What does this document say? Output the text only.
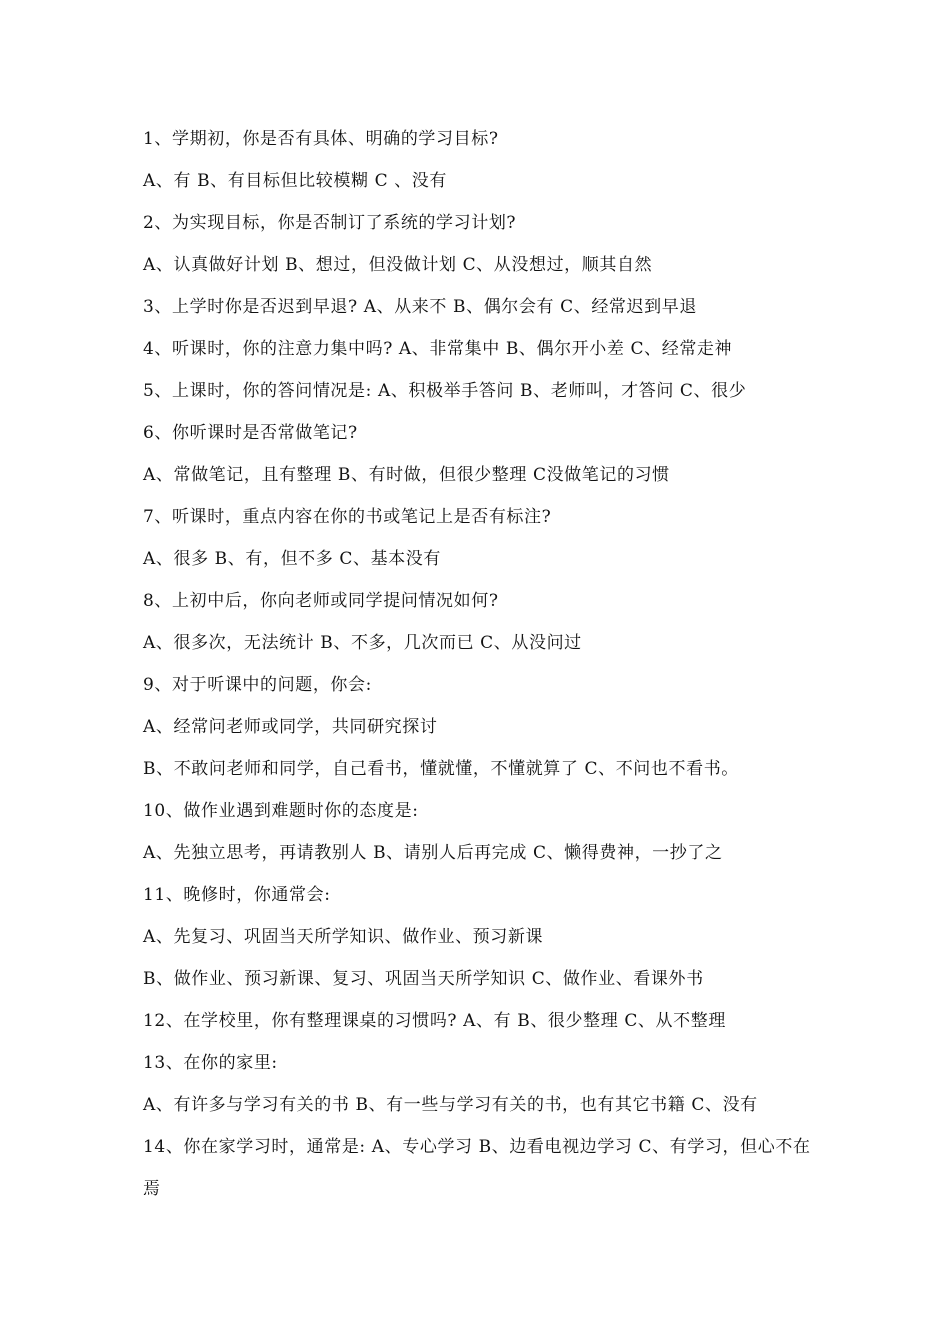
1、学期初，你是否有具体、明确的学习目标?
A、有 B、有目标但比较模糊 C 、没有
2、为实现目标，你是否制订了系统的学习计划?
A、认真做好计划 B、想过，但没做计划 C、从没想过，顺其自然
3、上学时你是否迟到早退? A、从来不 B、偶尔会有 C、经常迟到早退
4、听课时，你的注意力集中吗? A、非常集中 B、偶尔开小差 C、经常走神
5、上课时，你的答问情况是: A、积极举手答问 B、老师叫，才答问 C、很少
6、你听课时是否常做笔记?
A、常做笔记，且有整理 B、有时做，但很少整理 C没做笔记的习惯
7、听课时，重点内容在你的书或笔记上是否有标注?
A、很多 B、有，但不多 C、基本没有
8、上初中后，你向老师或同学提问情况如何?
A、很多次，无法统计 B、不多，几次而已 C、从没问过
9、对于听课中的问题，你会:
A、经常问老师或同学，共同研究探讨
B、不敢问老师和同学，自己看书，懂就懂，不懂就算了 C、不问也不看书。
10、做作业遇到难题时你的态度是:
A、先独立思考，再请教别人 B、请别人后再完成 C、懒得费神，一抄了之
11、晚修时，你通常会:
A、先复习、巩固当天所学知识、做作业、预习新课
B、做作业、预习新课、复习、巩固当天所学知识 C、做作业、看课外书
12、在学校里，你有整理课桌的习惯吗? A、有 B、很少整理 C、从不整理
13、在你的家里:
A、有许多与学习有关的书 B、有一些与学习有关的书，也有其它书籍 C、没有
14、你在家学习时，通常是: A、专心学习 B、边看电视边学习 C、有学习，但心不在
焉
